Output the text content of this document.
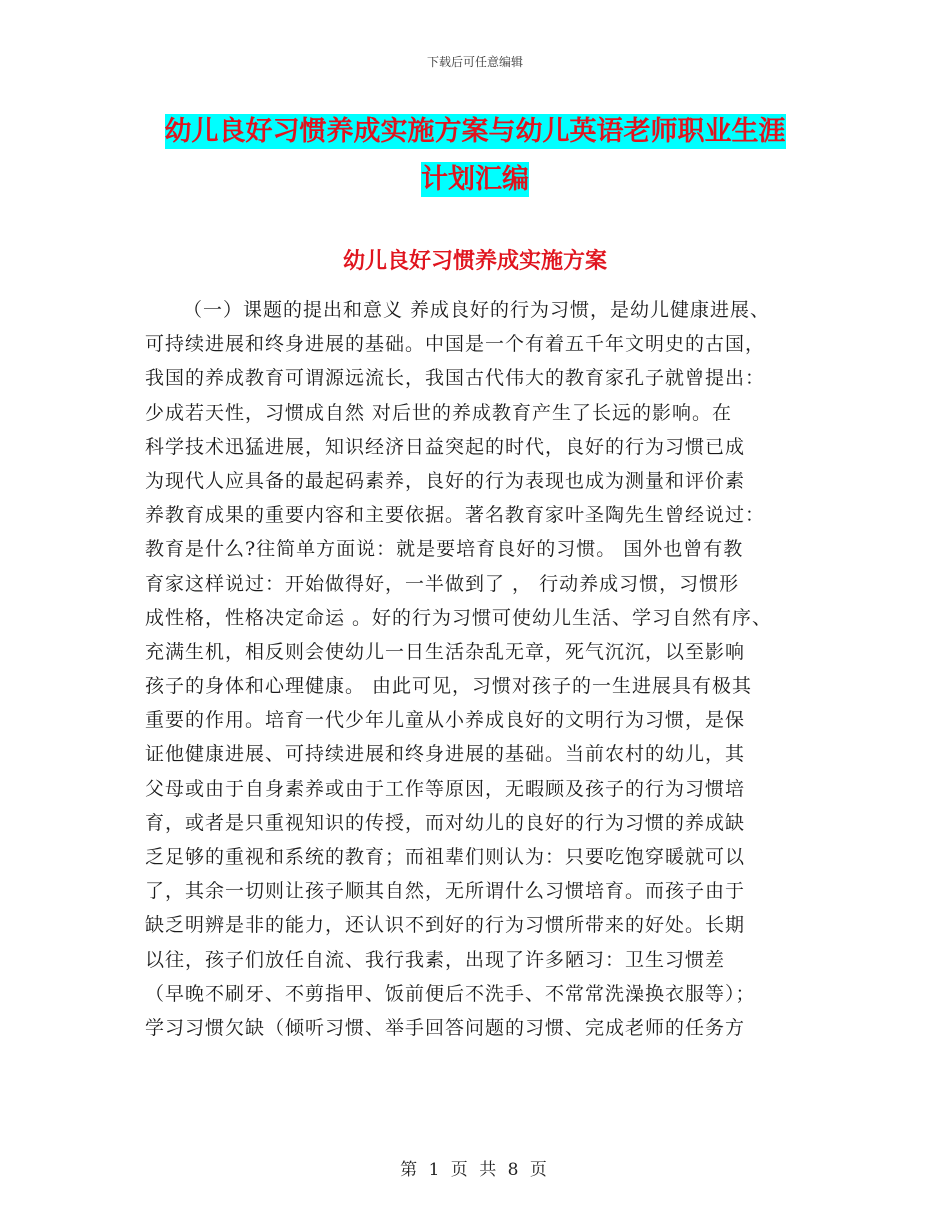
下载后可任意编辑
幼儿良好习惯养成实施方案与幼儿英语老师职业生涯
计划汇编
幼儿良好习惯养成实施方案
（一）课题的提出和意义 养成良好的行为习惯，是幼儿健康进展、
可持续进展和终身进展的基础。中国是一个有着五千年文明史的古国，
我国的养成教育可谓源远流长，我国古代伟大的教育家孔子就曾提出：
少成若天性，习惯成自然 对后世的养成教育产生了长远的影响。在
科学技术迅猛进展，知识经济日益突起的时代，良好的行为习惯已成
为现代人应具备的最起码素养，良好的行为表现也成为测量和评价素
养教育成果的重要内容和主要依据。著名教育家叶圣陶先生曾经说过：
教育是什么?往简单方面说：就是要培育良好的习惯。 国外也曾有教
育家这样说过：开始做得好，一半做到了 ， 行动养成习惯，习惯形
成性格，性格决定命运 。好的行为习惯可使幼儿生活、学习自然有序、
充满生机，相反则会使幼儿一日生活杂乱无章，死气沉沉，以至影响
孩子的身体和心理健康。 由此可见，习惯对孩子的一生进展具有极其
重要的作用。培育一代少年儿童从小养成良好的文明行为习惯，是保
证他健康进展、可持续进展和终身进展的基础。当前农村的幼儿，其
父母或由于自身素养或由于工作等原因，无暇顾及孩子的行为习惯培
育，或者是只重视知识的传授，而对幼儿的良好的行为习惯的养成缺
乏足够的重视和系统的教育；而祖辈们则认为：只要吃饱穿暖就可以
了，其余一切则让孩子顺其自然，无所谓什么习惯培育。而孩子由于
缺乏明辨是非的能力，还认识不到好的行为习惯所带来的好处。长期
以往，孩子们放任自流、我行我素，出现了许多陋习：卫生习惯差
（早晚不刷牙、不剪指甲、饭前便后不洗手、不常常洗澡换衣服等）；
学习习惯欠缺（倾听习惯、举手回答问题的习惯、完成老师的任务方
第 1 页 共 8 页
